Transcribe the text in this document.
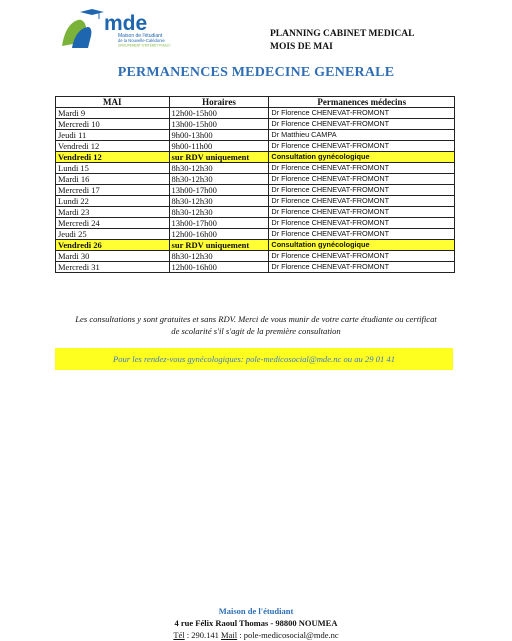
mde
Maison de l'étudiant
de la Nouvelle-Calédonie
GROUPEMENT D'INTÉRÊT PUBLIC
PLANNING CABINET MEDICAL
MOIS DE MAI
PERMANENCES MEDECINE GENERALE
MAI	Horaires	Permanences médecins
Mardi 9	12h00-15h00	Dr Florence CHENEVAT-FROMONT
Mercredi 10	13h00-15h00	Dr Florence CHENEVAT-FROMONT
Jeudi 11	9h00-13h00	Dr Matthieu CAMPA
Vendredi 12	9h00-11h00	Dr Florence CHENEVAT-FROMONT
Vendredi 12	sur RDV uniquement	Consultation gynécologique
Lundi 15	8h30-12h30	Dr Florence CHENEVAT-FROMONT
Mardi 16	8h30-12h30	Dr Florence CHENEVAT-FROMONT
Mercredi 17	13h00-17h00	Dr Florence CHENEVAT-FROMONT
Lundi 22	8h30-12h30	Dr Florence CHENEVAT-FROMONT
Mardi 23	8h30-12h30	Dr Florence CHENEVAT-FROMONT
Mercredi 24	13h00-17h00	Dr Florence CHENEVAT-FROMONT
Jeudi 25	12h00-16h00	Dr Florence CHENEVAT-FROMONT
Vendredi 26	sur RDV uniquement	Consultation gynécologique
Mardi 30	8h30-12h30	Dr Florence CHENEVAT-FROMONT
Mercredi 31	12h00-16h00	Dr Florence CHENEVAT-FROMONT
Les consultations y sont gratuites et sans RDV. Merci de vous munir de votre carte étudiante ou certificat
de scolarité s'il s'agit de la première consultation
Pour les rendez-vous gynécologiques: pole-medicosocial@mde.nc ou au 29 01 41
Maison de l'étudiant
4 rue Félix Raoul Thomas - 98800 NOUMEA
Tél : 290.141 Mail : pole-medicosocial@mde.nc
